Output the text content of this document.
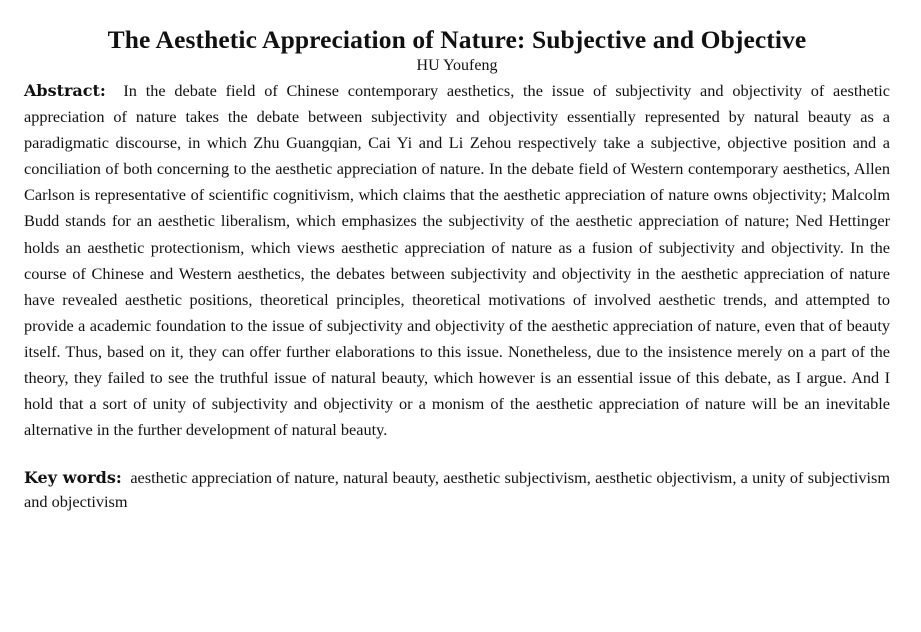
The Aesthetic Appreciation of Nature: Subjective and Objective
HU Youfeng

Abstract: In the debate field of Chinese contemporary aesthetics, the issue of subjectivity and objectivity of aesthetic appreciation of nature takes the debate between subjectivity and objectivity essentially represented by natural beauty as a paradigmatic discourse, in which Zhu Guangqian, Cai Yi and Li Zehou respectively take a subjective, objective position and a conciliation of both concerning to the aesthetic appreciation of nature. In the debate field of Western contemporary aesthetics, Allen Carlson is representative of scientific cognitivism, which claims that the aesthetic appreciation of nature owns objectivity; Malcolm Budd stands for an aesthetic liberalism, which emphasizes the subjectivity of the aesthetic appreciation of nature; Ned Hettinger holds an aesthetic protectionism, which views aesthetic appreciation of nature as a fusion of subjectivity and objectivity. In the course of Chinese and Western aesthetics, the debates between subjectivity and objectivity in the aesthetic appreciation of nature have revealed aesthetic positions, theoretical principles, theoretical motivations of involved aesthetic trends, and attempted to provide a academic foundation to the issue of subjectivity and objectivity of the aesthetic appreciation of nature, even that of beauty itself. Thus, based on it, they can offer further elaborations to this issue. Nonetheless, due to the insistence merely on a part of the theory, they failed to see the truthful issue of natural beauty, which however is an essential issue of this debate, as I argue. And I hold that a sort of unity of subjectivity and objectivity or a monism of the aesthetic appreciation of nature will be an inevitable alternative in the further development of natural beauty.

Key words: aesthetic appreciation of nature, natural beauty, aesthetic subjectivism, aesthetic objectivism, a unity of subjectivism and objectivism
